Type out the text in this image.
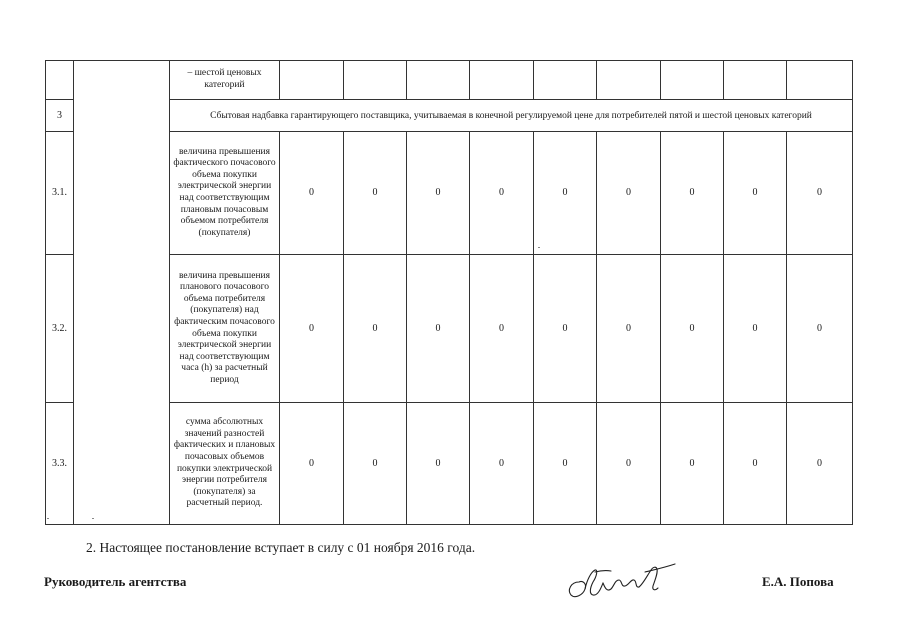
		– шестой ценовых категорий									
3		Сбытовая надбавка гарантирующего поставщика, учитываемая в конечной регулируемой цене для потребителей пятой и шестой ценовых категорий									
3.1.		величина превышения фактического почасового объема покупки электрической энергии над соответствующим плановым почасовым объемом потребителя (покупателя)	0	0	0	0	0	0	0	0	0
3.2.		величина превышения планового почасового объема потребителя (покупателя) над фактическим почасового объема покупки электрической энергии над соответствующим часа (h) за расчетный период	0	0	0	0	0	0	0	0	0
3.3.		сумма абсолютных значений разностей фактических и плановых почасовых объемов покупки электрической энергии потребителя (покупателя) за расчетный период.	0	0	0	0	0	0	0	0	0
2. Настоящее постановление вступает в силу с 01 ноября 2016 года.
Руководитель агентства	Е.А. Попова
